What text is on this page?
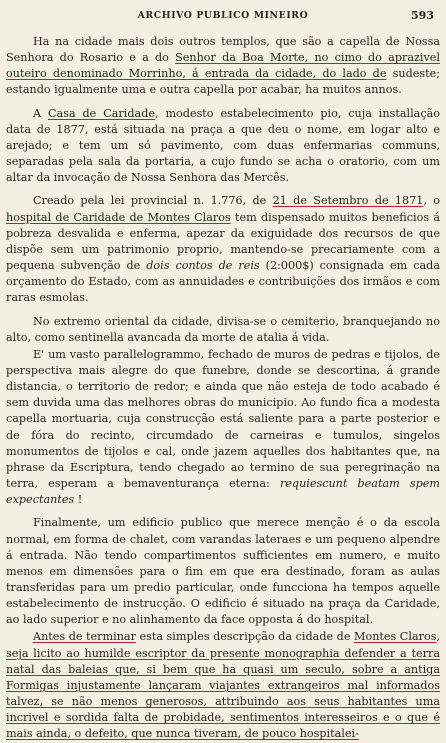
ARCHIVO PUBLICO MINEIRO	593

Ha na cidade mais dois outros templos, que são a capella de Nossa Senhora do Rosario e a do Senhor da Boa Morte, no cimo do aprazivel outeiro denominado Morrinho, á entrada da cidade, do lado de sudeste; estando igualmente uma e outra capella por acabar, ha muitos annos.

A Casa de Caridade, modesto estabelecimento pio, cuja installação data de 1877, está situada na praça a que deu o nome, em logar alto e arejado; e tem um só pavimento, com duas enfermarias communs, separadas pela sala da portaria, a cujo fundo se acha o oratorio, com um altar da invocação de Nossa Senhora das Mercês.

Creado pela lei provincial n. 1.776, de 21 de Setembro de 1871, o hospital de Caridade de Montes Claros tem dispensado muitos beneficios á pobreza desvalida e enferma, apezar da exiguidade dos recursos de que dispõe sem um patrimonio proprio, mantendo-se precariamente com a pequena subvenção de dois contos de reis (2:000$) consignada em cada orçamento do Estado, com as annuidades e contribuições dos irmãos e com raras esmolas.

No extremo oriental da cidade, divisa-se o cemiterio, branquejando no alto, como sentinella avancada da morte de atalia á vida.

E' um vasto parallelogrammo, fechado de muros de pedras e tijolos, de perspectiva mais alegre do que funebre, donde se descortina, á grande distancia, o territorio de redor; e ainda que não esteja de todo acabado é sem duvida uma das melhores obras do municipio. Ao fundo fica a modesta capella mortuaria, cuja construcção está saliente para a parte posterior e de fóra do recinto, circumdado de carneiras e tumulos, singelos monumentos de tijolos e cal, onde jazem aquelles dos habitantes que, na phrase da Escriptura, tendo chegado ao termino de sua peregrinação na terra, esperam a bemaventurança eterna: requiescunt beatam spem expectantes !

Finalmente, um edificio publico que merece menção é o da escola normal, em forma de chalet, com varandas lateraes e um pequeno alpendre á entrada. Não tendo compartimentos sufficientes em numero, e muito menos em dimensões para o fim em que era destinado, foram as aulas transferidas para um predio particular, onde funcciona ha tempos aquelle estabelecimento de instrucção. O edificio é situado na praça da Caridade, ao lado superior e no alinhamento da face opposta á do hospital.

Antes de terminar esta simples descripção da cidade de Montes Claros, seja licito ao humilde escriptor da presente monographia defender a terra natal das baleias que, si bem que ha quasi um seculo, sobre a antiga Formigas injustamente lançaram viajantes extrangeiros mal informados talvez, se não menos generosos, attribuindo aos seus habitantes uma incrivel e sordida falta de probidade, sentimentos interesseiros e o que é mais ainda, o defeito, que nunca tiveram, de pouco hospitalei-
